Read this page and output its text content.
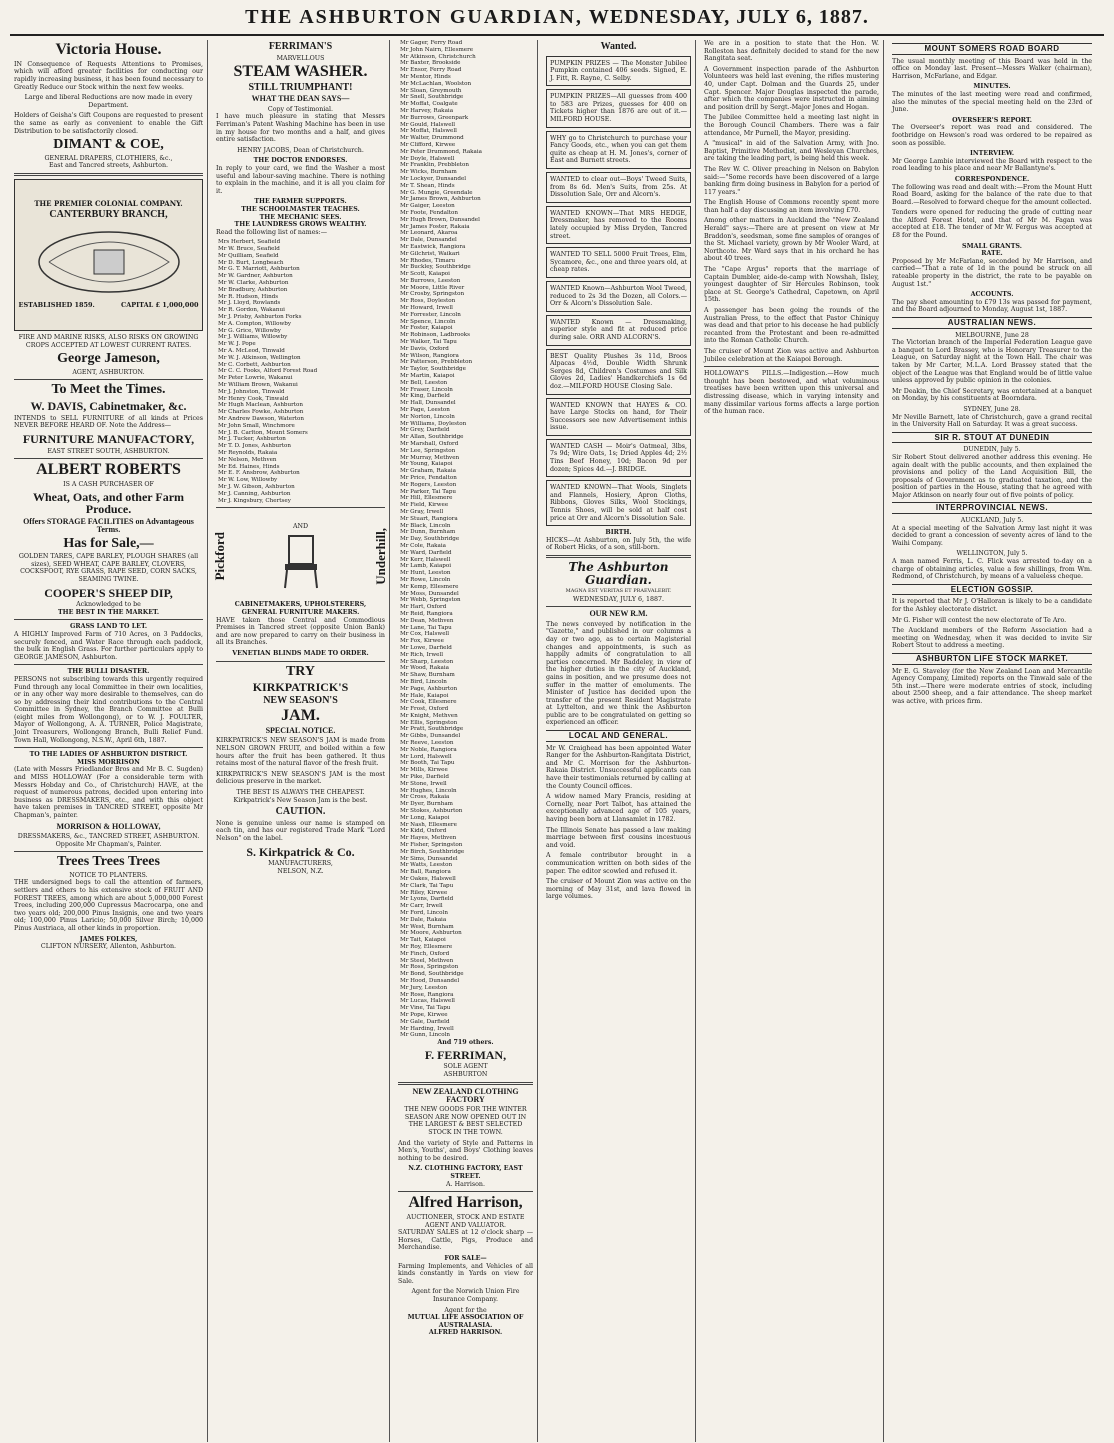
THE ASHBURTON GUARDIAN, WEDNESDAY, JULY 6, 1887.
Victoria House.
IN Consequence of Requests Attentions to Promises, which will afford greater facilities for conducting our rapidly increasing business, it has been found necessary to Greatly Reduce our Stock within the next few weeks.
Large and liberal Reductions are now made in every Department.
Holders of Geisha's Gift Coupons are requested to present the same as early as convenient to enable the Gift Distribution to be satisfactorily closed.
DIMANT & COE,
GENERAL DRAPERS, CLOTHIERS, &c.,
East and Tancred streets, Ashburton.
THE PREMIER COLONIAL COMPANY.
CANTERBURY BRANCH,
ESTABLISHED 1859.	CAPITAL £ 1,000,000
FIRE AND MARINE RISKS, ALSO RISKS ON GROWING CROPS ACCEPTED AT LOWEST CURRENT RATES.
George Jameson,
AGENT, ASHBURTON.
To Meet the Times.
W. DAVIS, Cabinetmaker, &c.
INTENDS to SELL FURNITURE of all kinds at Prices NEVER BEFORE HEARD OF. Note the Address—
FURNITURE MANUFACTORY,
EAST STREET SOUTH, ASHBURTON.
ALBERT ROBERTS
IS A CASH PURCHASER OF
Wheat, Oats, and other Farm Produce.
Offers STORAGE FACILITIES on Advantageous Terms.
Has for Sale,—
GOLDEN TARES, CAPE BARLEY, PLOUGH SHARES (all sizes), SEED WHEAT, CAPE BARLEY, CLOVERS, COCKSFOOT, RYE GRASS, RAPE SEED, CORN SACKS, SEAMING TWINE.
COOPER'S SHEEP DIP,
Acknowledged to be
THE BEST IN THE MARKET.
GRASS LAND TO LET.
A HIGHLY Improved Farm of 710 Acres, on 3 Paddocks, securely fenced, and Water Race through each paddock, the bulk in English Grass. For further particulars apply to GEORGE JAMESON, Ashburton.
THE BULLI DISASTER.
PERSONS not subscribing towards this urgently required Fund through any local Committee in their own localities, or in any other way more desirable to themselves, can do so by addressing their kind contributions to the Central Committee in Sydney, the Branch Committee at Bulli (eight miles from Wollongong), or to W. J. FOULTER, Mayor of Wollongong, A. A. TURNER, Police Magistrate, Joint Treasurers, Wollongong Branch, Bulli Relief Fund. Town Hall, Wollongong, N.S.W., April 6th, 1887.
TO THE LADIES OF ASHBURTON DISTRICT.
MISS MORRISON
(Late with Messrs Friedlander Bros and Mr B. C. Sugden) and MISS HOLLOWAY (For a considerable term with Messrs Hobday and Co., of Christchurch) HAVE, at the request of numerous patrons, decided upon entering into business as DRESSMAKERS, etc., and with this object have taken premises in TANCRED STREET, opposite Mr Chapman's, painter.
MORRISON & HOLLOWAY,
DRESSMAKERS, &c., TANCRED STREET, ASHBURTON. Opposite Mr Chapman's, Painter.
Trees Trees Trees
NOTICE TO PLANTERS.
THE undersigned begs to call the attention of farmers, settlers and others to his extensive stock of FRUIT AND FOREST TREES, among which are about 5,000,000 Forest Trees, including 200,000 Cupressus Macrocarpa, one and two years old; 200,000 Pinus Insignis, one and two years old; 100,000 Pinus Laricio; 50,000 Silver Birch; 10,000 Pinus Austriaca, all other kinds in proportion.
JAMES FOLKES,
CLIFTON NURSERY, Allenton, Ashburton.
FERRIMAN'S
MARVELLOUS
STEAM WASHER.
STILL TRIUMPHANT!
WHAT THE DEAN SAYS—
Copy of Testimonial.
I have much pleasure in stating that Messrs Ferriman's Patent Washing Machine has been in use in my house for two months and a half, and gives entire satisfaction.
HENRY JACOBS, Dean of Christchurch.
THE DOCTOR ENDORSES.
In reply to your card, we find the Washer a most useful and labour-saving machine. There is nothing to explain in the machine, and it is all you claim for it.
THE FARMER SUPPORTS.
THE SCHOOLMASTER TEACHES.
THE MECHANIC SEES.
THE LAUNDRESS GROWS WEALTHY.
Read the following list of names:—
Mrs Herbert, Seafield
Mr W. Bruce, Seafield
Mr Quilliam, Seafield
Mr D. Burt, Longbeach
Mr G. T. Marriott, Ashburton
Mr W. Gardner, Ashburton
Mr W. Clarke, Ashburton
Mr Bradbury, Ashburton
Mr R. Hudson, Hinds
Mr J. Lloyd, Rowlands
Mr R. Gordon, Wakanui
Mr J. Prisby, Ashburton Forks
Mr A. Compton, Willowby
Mr G. Grice, Willowby
Mr J. Williams, Willowby
Mr W. J. Pope
Mr A. McLeod, Tinwald
Mr W. J. Atkinson, Wellington
Mr C. Corbett, Ashburton
Mr C. C. Fooks, Alford Forest Road
Mr Peter Lowrie, Wakanui
Mr William Brown, Wakanui
Mr J. Johnston, Tinwald
Mr Henry Cook, Tinwald
Mr Hugh Maclean, Ashburton
Mr Charles Fowke, Ashburton
Mr Andrew Dawson, Waterton
Mr John Small, Winchmore
Mr J. B. Carlton, Mount Somers
Mr J. Tucker, Ashburton
Mr T. D. Jones, Ashburton
Mr Reynolds, Rakaia
Mr Nelson, Methven
Mr Ed. Haines, Hinds
Mr E. F. Ansbrow, Ashburton
Mr W. Low, Willowby
Mr J. W. Gibson, Ashburton
Mr J. Canning, Ashburton
Mr J. Kingsbury, Chertsey
Pickford
AND
Underhill,
CABINETMAKERS, UPHOLSTERERS,
GENERAL FURNITURE MAKERS.
HAVE taken those Central and Commodious Premises in Tancred street (opposite Union Bank) and are now prepared to carry on their business in all its Branches.
VENETIAN BLINDS MADE TO ORDER.
TRY
KIRKPATRICK'S
NEW SEASON'S
JAM.
SPECIAL NOTICE.
KIRKPATRICK'S NEW SEASON'S JAM is made from NELSON GROWN FRUIT, and boiled within a few hours after the fruit has been gathered. It thus retains most of the natural flavor of the fresh fruit.
KIRKPATRICK'S NEW SEASON'S JAM is the most delicious preserve in the market.
THE BEST IS ALWAYS THE CHEAPEST. Kirkpatrick's New Season Jam is the best.
CAUTION.
None is genuine unless our name is stamped on each tin, and has our registered Trade Mark "Lord Nelson" on the label.
S. Kirkpatrick & Co.
MANUFACTURERS,
NELSON, N.Z.
Mr Gager, Ferry Road
Mr John Nairn, Ellesmere
Mr Atkinson, Christchurch
Mr Baxter, Brookside
Mr Ensor, Ferry Road
Mr Mentor, Hinds
Mr McLachlan, Woolston
Mr Sloan, Greymouth
Mr Snell, Southbridge
Mr Moffat, Coalgate
Mr Harvey, Rakaia
Mr Burrows, Greenpark
Mr Gould, Halswell
Mr Moffat, Halswell
Mr Walter, Drummond
Mr Clifford, Kirwee
Mr Peter Drummond, Rakaia
Mr Doyle, Halswell
Mr Franklin, Prebbleton
Mr Wicks, Burnham
Mr Lockyer, Dunsandel
Mr T. Shean, Hinds
Mr G. Mungie, Greendale
Mr James Brown, Ashburton
Mr Gaiger, Leeston
Mr Foote, Fendalton
Mr Hugh Brown, Dunsandel
Mr James Foster, Rakaia
Mr Leonard, Akaroa
Mr Dale, Dunsandel
Mr Eastwick, Rangiora
Mr Gilchrist, Waikari
Mr Rhodes, Timaru
Mr Buckley, Southbridge
Mr Scott, Kaiapoi
Mr Burrows, Leeston
Mr Moore, Little River
Mr Crosby, Springston
Mr Ross, Doyleston
Mr Howard, Irwell
Mr Forrester, Lincoln
Mr Spence, Lincoln
Mr Foster, Kaiapoi
Mr Robinson, Ladbrooks
Mr Walker, Tai Tapu
Mr Davis, Oxford
Mr Wilson, Rangiora
Mr Patterson, Prebbleton
Mr Taylor, Southbridge
Mr Martin, Kaiapoi
Mr Bell, Leeston
Mr Fraser, Lincoln
Mr King, Darfield
Mr Hall, Dunsandel
Mr Page, Leeston
Mr Norton, Lincoln
Mr Williams, Doyleston
Mr Grey, Darfield
Mr Allan, Southbridge
Mr Marshall, Oxford
Mr Lee, Springston
Mr Murray, Methven
Mr Young, Kaiapoi
Mr Graham, Rakaia
Mr Price, Fendalton
Mr Rogers, Leeston
Mr Parker, Tai Tapu
Mr Hill, Ellesmere
Mr Field, Kirwee
Mr Gray, Irwell
Mr Stuart, Rangiora
Mr Black, Lincoln
Mr Dunn, Burnham
Mr Day, Southbridge
Mr Cole, Rakaia
Mr Ward, Darfield
Mr Kerr, Halswell
Mr Lamb, Kaiapoi
Mr Hunt, Leeston
Mr Rowe, Lincoln
Mr Kemp, Ellesmere
Mr Moss, Dunsandel
Mr Webb, Springston
Mr Hart, Oxford
Mr Reid, Rangiora
Mr Dean, Methven
Mr Lane, Tai Tapu
Mr Cox, Halswell
Mr Fox, Kirwee
Mr Lowe, Darfield
Mr Rich, Irwell
Mr Sharp, Leeston
Mr Wood, Rakaia
Mr Shaw, Burnham
Mr Bird, Lincoln
Mr Page, Ashburton
Mr Hale, Kaiapoi
Mr Cook, Ellesmere
Mr Frost, Oxford
Mr Knight, Methven
Mr Ellis, Springston
Mr Pratt, Southbridge
Mr Gibbs, Dunsandel
Mr Reeve, Leeston
Mr Noble, Rangiora
Mr Lord, Halswell
Mr Booth, Tai Tapu
Mr Mills, Kirwee
Mr Pike, Darfield
Mr Stone, Irwell
Mr Hughes, Lincoln
Mr Cross, Rakaia
Mr Dyer, Burnham
Mr Stokes, Ashburton
Mr Long, Kaiapoi
Mr Nash, Ellesmere
Mr Kidd, Oxford
Mr Hayes, Methven
Mr Fisher, Springston
Mr Birch, Southbridge
Mr Sims, Dunsandel
Mr Watts, Leeston
Mr Ball, Rangiora
Mr Oakes, Halswell
Mr Clark, Tai Tapu
Mr Riley, Kirwee
Mr Lyons, Darfield
Mr Carr, Irwell
Mr Ford, Lincoln
Mr Dale, Rakaia
Mr West, Burnham
Mr Moore, Ashburton
Mr Tait, Kaiapoi
Mr Roy, Ellesmere
Mr Finch, Oxford
Mr Steel, Methven
Mr Ross, Springston
Mr Bond, Southbridge
Mr Hood, Dunsandel
Mr Jury, Leeston
Mr Rose, Rangiora
Mr Lucas, Halswell
Mr Vine, Tai Tapu
Mr Pope, Kirwee
Mr Gale, Darfield
Mr Harding, Irwell
Mr Gunn, Lincoln
And 719 others.
F. FERRIMAN,
SOLE AGENT
ASHBURTON
NEW ZEALAND CLOTHING FACTORY
THE NEW GOODS FOR THE WINTER SEASON ARE NOW OPENED OUT IN THE LARGEST & BEST SELECTED STOCK IN THE TOWN.
And the variety of Style and Patterns in Men's, Youths', and Boys' Clothing leaves nothing to be desired.
N.Z. CLOTHING FACTORY, EAST STREET.
A. Harrison.
Alfred Harrison,
AUCTIONEER, STOCK AND ESTATE AGENT AND VALUATOR.
SATURDAY SALES at 12 o'clock sharp —Horses, Cattle, Pigs, Produce and Merchandise.
FOR SALE—
Farming Implements, and Vehicles of all kinds constantly in Yards on view for Sale.
Agent for the Norwich Union Fire Insurance Company.
Agent for the
MUTUAL LIFE ASSOCIATION OF AUSTRALASIA.
ALFRED HARRISON.
Wanted.
PUMPKIN PRIZES — The Monster Jubilee Pumpkin contained 406 seeds. Signed, E. J. Fitt, R. Rayne, C. Selby.
PUMPKIN PRIZES—All guesses from 400 to 583 are Prizes, guesses for 400 on Tickets higher than 1876 are out of it.—MILFORD HOUSE.
WHY go to Christchurch to purchase your Fancy Goods, etc., when you can get them quite as cheap at H. M. Jones's, corner of East and Burnett streets.
WANTED to clear out—Boys' Tweed Suits, from 8s 6d. Men's Suits, from 25s. At Dissolution Sale, Orr and Alcorn's.
WANTED KNOWN—That MRS HEDGE, Dressmaker, has removed to the Rooms lately occupied by Miss Dryden, Tancred street.
WANTED TO SELL 5000 Fruit Trees, Elm, Sycamore, &c., one and three years old, at cheap rates.
WANTED Known—Ashburton Wool Tweed, reduced to 2s 3d the Dozen, all Colors.—Orr & Alcorn's Dissolution Sale.
WANTED Known — Dressmaking, superior style and fit at reduced price during sale. ORR AND ALCORN'S.
BEST Quality Plushes 3s 11d, Broos Alpacas 4½d, Double Width Shrunk Serges 8d, Children's Costumes and Silk Gloves 2d, Ladies' Handkerchiefs 1s 6d doz.—MILFORD HOUSE Closing Sale.
WANTED KNOWN that HAYES & CO. have Large Stocks on hand, for Their Successors see new Advertisement inthis issue.
WANTED CASH — Moir's Oatmeal, 3lbs, 7s 9d; Wire Oats, 1s; Dried Apples 4d; 2½ Tins Beef Honey, 10d; Bacon 9d per dozen; Spices 4d.—J. BRIDGE.
WANTED KNOWN—That Wools, Singlets and Flannels, Hosiery, Apron Cloths, Ribbons, Gloves Silks, Wool Stockings, Tennis Shoes, will be sold at half cost price at Orr and Alcorn's Dissolution Sale.
BIRTH.
HICKS—At Ashburton, on July 5th, the wife of Robert Hicks, of a son, still-born.
The Ashburton Guardian.
MAGNA EST VERITAS ET PRAEVALEBIT.
WEDNESDAY, JULY 6, 1887.
OUR NEW R.M.
The news conveyed by notification in the "Gazette," and published in our columns a day or two ago, as to certain Magisterial changes and appointments, is such as happily admits of congratulation to all parties concerned. Mr Baddeley, in view of the higher duties in the city of Auckland, gains in position, and we presume does not suffer in the matter of emoluments. The Minister of Justice has decided upon the transfer of the present Resident Magistrate at Lyttelton, and we think the Ashburton public are to be congratulated on getting so experienced an officer.
LOCAL AND GENERAL.
Mr W. Craighead has been appointed Water Ranger for the Ashburton-Rangitata District, and Mr C. Morrison for the Ashburton-Rakaia District. Unsuccessful applicants can have their testimonials returned by calling at the County Council offices.
A widow named Mary Francis, residing at Cornelly, near Port Talbot, has attained the exceptionally advanced age of 105 years, having been born at Llansamlet in 1782.
The Illinois Senate has passed a law making marriage between first cousins incestuous and void.
A female contributor brought in a communication written on both sides of the paper. The editor scowled and refused it.
The cruiser of Mount Zion was active on the morning of May 31st, and lava flowed in large volumes.
We are in a position to state that the Hon. W. Rolleston has definitely decided to stand for the new Rangitata seat.
A Government inspection parade of the Ashburton Volunteers was held last evening, the rifles mustering 40, under Capt. Dolman and the Guards 25, under Capt. Spencer. Major Douglas inspected the parade, after which the companies were instructed in aiming and position drill by Sergt.-Major Jones and Hogan.
The Jubilee Committee held a meeting last night in the Borough Council Chambers. There was a fair attendance, Mr Purnell, the Mayor, presiding.
A "musical" in aid of the Salvation Army, with Jno. Baptist, Primitive Methodist, and Wesleyan Churches, are taking the leading part, is being held this week.
The Rev W. C. Oliver preaching in Nelson on Babylon said:—"Some records have been discovered of a large banking firm doing business in Babylon for a period of 117 years."
The English House of Commons recently spent more than half a day discussing an item involving £70.
Among other matters in Auckland the "New Zealand Herald" says:—There are at present on view at Mr Braddon's, seedsman, some fine samples of oranges of the St. Michael variety, grown by Mr Wooler Ward, at Northcote. Mr Ward says that in his orchard he has about 40 trees.
The "Cape Argus" reports that the marriage of Captain Dumbler, aide-de-camp with Nowshah, Ilsley, youngest daughter of Sir Hercules Robinson, took place at St. George's Cathedral, Capetown, on April 15th.
A passenger has been going the rounds of the Australian Press, to the effect that Pastor Chiniquy was dead and that prior to his decease he had publicly recanted from the Protestant and been re-admitted into the Roman Catholic Church.
The cruiser of Mount Zion was active and Ashburton Jubilee celebration at the Kaiapoi Borough.
HOLLOWAY'S PILLS.—Indigestion.—How much thought has been bestowed, and what voluminous treatises have been written upon this universal and distressing disease, which in varying intensity and many dissimilar various forms affects a large portion of the human race.
MOUNT SOMERS ROAD BOARD
The usual monthly meeting of this Board was held in the office on Monday last. Present—Messrs Walker (chairman), Harrison, McFarlane, and Edgar.
MINUTES.
The minutes of the last meeting were read and confirmed, also the minutes of the special meeting held on the 23rd of June.
OVERSEER'S REPORT.
The Overseer's report was read and considered. The footbridge on Hewson's road was ordered to be repaired as soon as possible.
INTERVIEW.
Mr George Lambie interviewed the Board with respect to the road leading to his place and near Mr Ballantyne's.
CORRESPONDENCE.
The following was read and dealt with:—From the Mount Hutt Road Board, asking for the balance of the rate due to that Board.—Resolved to forward cheque for the amount collected.
Tenders were opened for reducing the grade of cutting near the Alford Forest Hotel, and that of Mr M. Fagan was accepted at £18. The tender of Mr W. Fergus was accepted at £8 for the Pound.
SMALL GRANTS.
RATE.
Proposed by Mr McFarlane, seconded by Mr Harrison, and carried—"That a rate of 1d in the pound be struck on all rateable property in the district, the rate to be payable on August 1st."
ACCOUNTS.
The pay sheet amounting to £79 13s was passed for payment, and the Board adjourned to Monday, August 1st, 1887.
AUSTRALIAN NEWS.
MELBOURNE, June 28
The Victorian branch of the Imperial Federation League gave a banquet to Lord Brassey, who is Honorary Treasurer to the League, on Saturday night at the Town Hall. The chair was taken by Mr Carter, M.L.A. Lord Brassey stated that the object of the League was that England would be of little value unless approved by public opinion in the colonies.
Mr Deakin, the Chief Secretary, was entertained at a banquet on Monday, by his constituents at Boorndara.
SYDNEY, June 28.
Mr Neville Barnett, late of Christchurch, gave a grand recital in the University Hall on Saturday. It was a great success.
SIR R. STOUT AT DUNEDIN
DUNEDIN, July 5.
Sir Robert Stout delivered another address this evening. He again dealt with the public accounts, and then explained the provisions and policy of the Land Acquisition Bill, the proposals of Government as to graduated taxation, and the position of parties in the House, stating that he agreed with Major Atkinson on nearly four out of five points of policy.
INTERPROVINCIAL NEWS.
AUCKLAND, July 5.
At a special meeting of the Salvation Army last night it was decided to grant a concession of seventy acres of land to the Waihi Company.
WELLINGTON, July 5.
A man named Ferris, L. C. Flick was arrested to-day on a charge of obtaining articles, value a few shillings, from Wm. Redmond, of Christchurch, by means of a valueless cheque.
ELECTION GOSSIP.
It is reported that Mr J. O'Halloran is likely to be a candidate for the Ashley electorate district.
Mr G. Fisher will contest the new electorate of Te Aro.
The Auckland members of the Reform Association had a meeting on Wednesday, when it was decided to invite Sir Robert Stout to address a meeting.
ASHBURTON LIFE STOCK MARKET.
Mr E. G. Staveley (for the New Zealand Loan and Mercantile Agency Company, Limited) reports on the Tinwald sale of the 5th inst.—There were moderate entries of stock, including about 2500 sheep, and a fair attendance. The sheep market was active, with prices firm.
